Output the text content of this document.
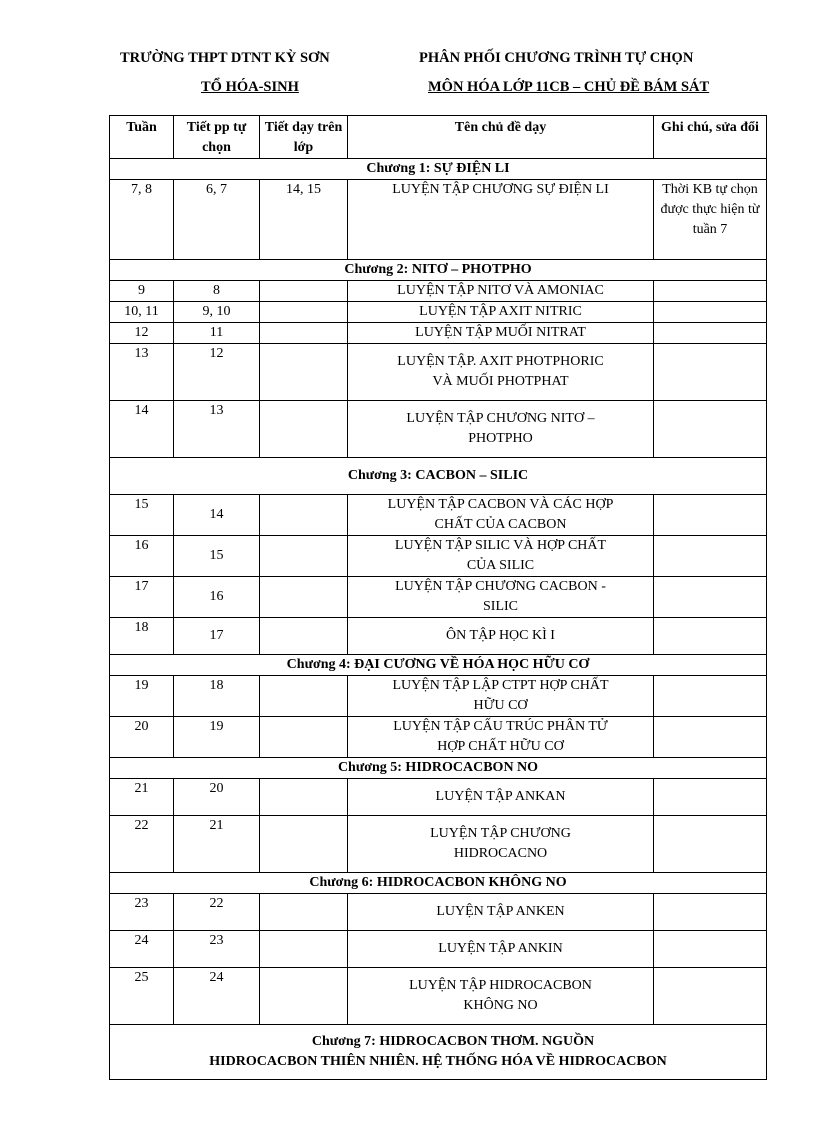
TRƯỜNG THPT DTNT KỲ SƠN
TỔ HÓA-SINH
PHÂN PHỐI CHƯƠNG TRÌNH TỰ CHỌN
MÔN HÓA LỚP 11CB – CHỦ ĐỀ BÁM SÁT
Tuần	Tiết pp tự chọn	Tiết dạy trên lớp	Tên chủ đề dạy	Ghi chú, sửa đổi
Chương 1: SỰ ĐIỆN LI				
7, 8	6, 7	14, 15	LUYỆN TẬP CHƯƠNG SỰ ĐIỆN LI	Thời KB tự chọn được thực hiện từ tuần 7
Chương 2: NITƠ – PHOTPHO				
9	8		LUYỆN TẬP NITƠ VÀ AMONIAC	
10, 11	9, 10		LUYỆN TẬP AXIT NITRIC	
12	11		LUYỆN TẬP MUỐI NITRAT	
13	12		LUYỆN TẬP. AXIT PHOTPHORIC
VÀ MUỐI PHOTPHAT	

14	13		LUYỆN TẬP CHƯƠNG NITƠ –
PHOTPHO	

Chương 3: CACBON – SILIC				
15	14		LUYỆN TẬP CACBON VÀ CÁC HỢP
CHẤT CỦA CACBON	

16	15		LUYỆN TẬP SILIC VÀ HỢP CHẤT
CỦA SILIC	

17	16		LUYỆN TẬP CHƯƠNG CACBON -
SILIC	

18	17		ÔN TẬP HỌC KÌ I	
Chương 4: ĐẠI CƯƠNG VỀ HÓA HỌC HỮU CƠ				
19	18		LUYỆN TẬP LẬP CTPT HỢP CHẤT
HỮU CƠ	

20	19		LUYỆN TẬP CẤU TRÚC PHÂN TỬ
HỢP CHẤT HỮU CƠ	

Chương 5: HIDROCACBON NO				
21	20		LUYỆN TẬP ANKAN	
22	21		LUYỆN TẬP CHƯƠNG
HIDROCACNO	

Chương 6: HIDROCACBON KHÔNG NO				
23	22		LUYỆN TẬP ANKEN	
24	23		LUYỆN TẬP ANKIN	
25	24		LUYỆN TẬP HIDROCACBON
KHÔNG NO	

Chương 7: HIDROCACBON THƠM. NGUỒN
HIDROCACBON THIÊN NHIÊN. HỆ THỐNG HÓA VỀ HIDROCACBON				
